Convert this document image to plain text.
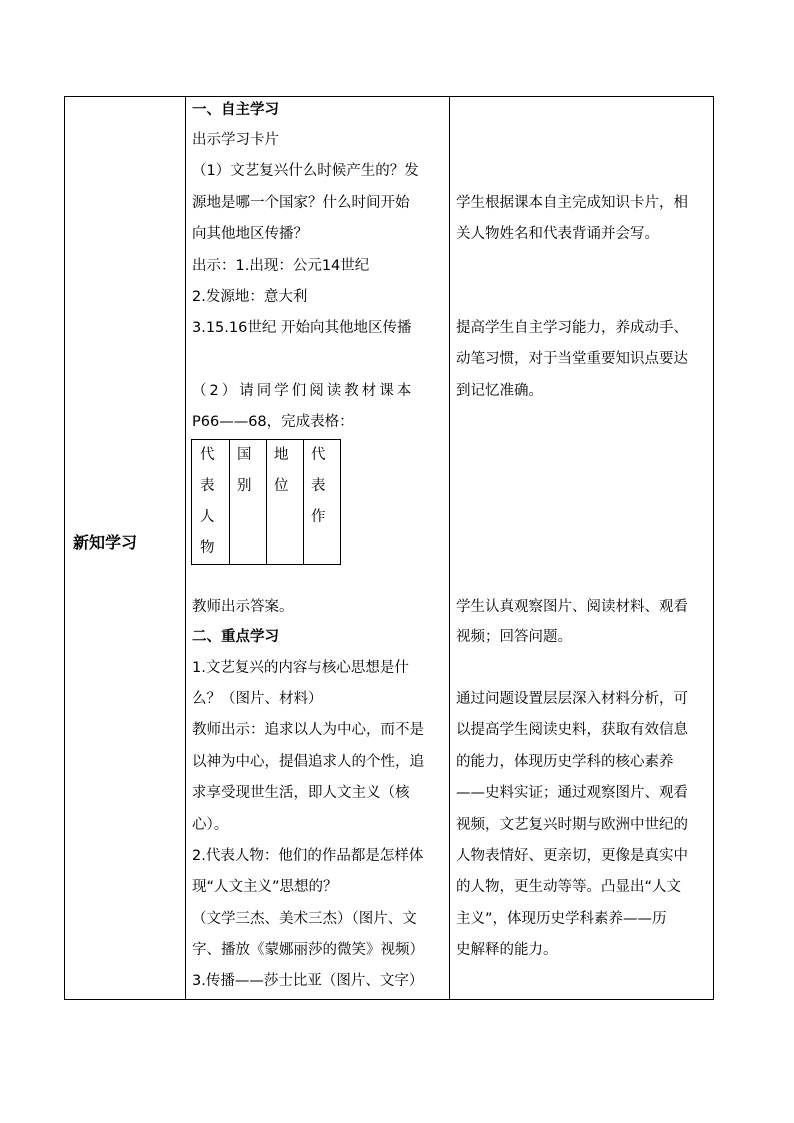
新知学习
一、自主学习
出示学习卡片
（1）文艺复兴什么时候产生的？发
源地是哪一个国家？什么时间开始
向其他地区传播？
出示：1.出现：公元14世纪
2.发源地：意大利
3.15.16世纪 开始向其他地区传播
（2）请同学们阅读教材课本
P66——68，完成表格：
代
表
人
物
国
别
地
位
代
表
作
教师出示答案。
二、重点学习
1.文艺复兴的内容与核心思想是什
么？（图片、材料）
教师出示：追求以人为中心，而不是
以神为中心，提倡追求人的个性，追
求享受现世生活，即人文主义（核
心）。
2.代表人物：他们的作品都是怎样体
现“人文主义”思想的？
（文学三杰、美术三杰）（图片、文
字、播放《蒙娜丽莎的微笑》视频）
3.传播——莎士比亚（图片、文字）
学生根据课本自主完成知识卡片，相
关人物姓名和代表背诵并会写。
提高学生自主学习能力，养成动手、
动笔习惯，对于当堂重要知识点要达
到记忆准确。
学生认真观察图片、阅读材料、观看
视频；回答问题。
通过问题设置层层深入材料分析，可
以提高学生阅读史料，获取有效信息
的能力，体现历史学科的核心素养
——史料实证；通过观察图片、观看
视频，文艺复兴时期与欧洲中世纪的
人物表情好、更亲切，更像是真实中
的人物，更生动等等。凸显出“人文
主义”，体现历史学科素养——历
史解释的能力。
